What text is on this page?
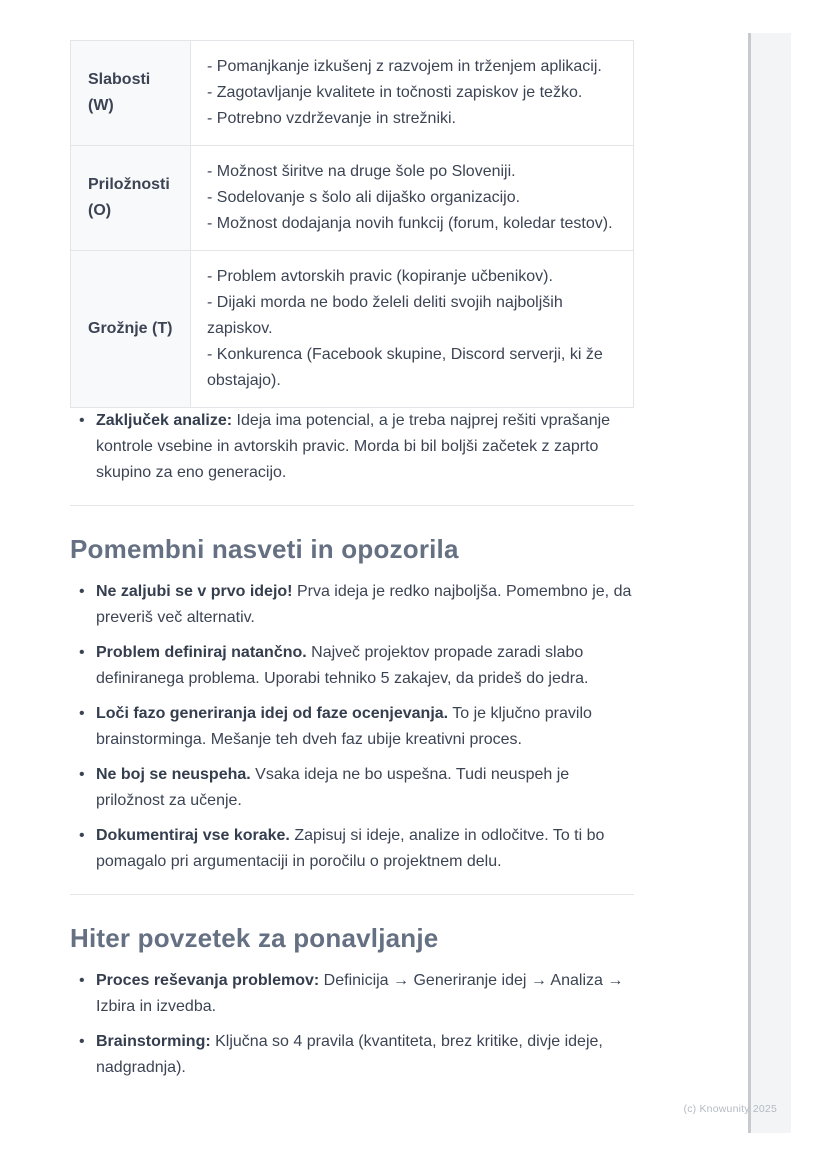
Slabosti (W)	- Pomanjkanje izkušenj z razvojem in trženjem aplikacij.
- Zagotavljanje kvalitete in točnosti zapiskov je težko.
- Potrebno vzdrževanje in strežniki.

Priložnosti (O)	- Možnost širitve na druge šole po Sloveniji.
- Sodelovanje s šolo ali dijaško organizacijo.
- Možnost dodajanja novih funkcij (forum, koledar testov).

Grožnje (T)	- Problem avtorskih pravic (kopiranje učbenikov).
- Dijaki morda ne bodo želeli deliti svojih najboljših zapiskov.
- Konkurenca (Facebook skupine, Discord serverji, ki že obstajajo).
• Zaključek analize: Ideja ima potencial, a je treba najprej rešiti vprašanje kontrole vsebine in avtorskih pravic. Morda bi bil boljši začetek z zaprto skupino za eno generacijo.
Pomembni nasveti in opozorila
• Ne zaljubi se v prvo idejo! Prva ideja je redko najboljša. Pomembno je, da preveriš več alternativ.
• Problem definiraj natančno. Največ projektov propade zaradi slabo definiranega problema. Uporabi tehniko 5 zakajev, da prideš do jedra.
• Loči fazo generiranja idej od faze ocenjevanja. To je ključno pravilo brainstorminga. Mešanje teh dveh faz ubije kreativni proces.
• Ne boj se neuspeha. Vsaka ideja ne bo uspešna. Tudi neuspeh je priložnost za učenje.
• Dokumentiraj vse korake. Zapisuj si ideje, analize in odločitve. To ti bo pomagalo pri argumentaciji in poročilu o projektnem delu.
Hiter povzetek za ponavljanje
• Proces reševanja problemov: Definicija → Generiranje idej → Analiza → Izbira in izvedba.
• Brainstorming: Ključna so 4 pravila (kvantiteta, brez kritike, divje ideje, nadgradnja).
(c) Knowunity 2025
